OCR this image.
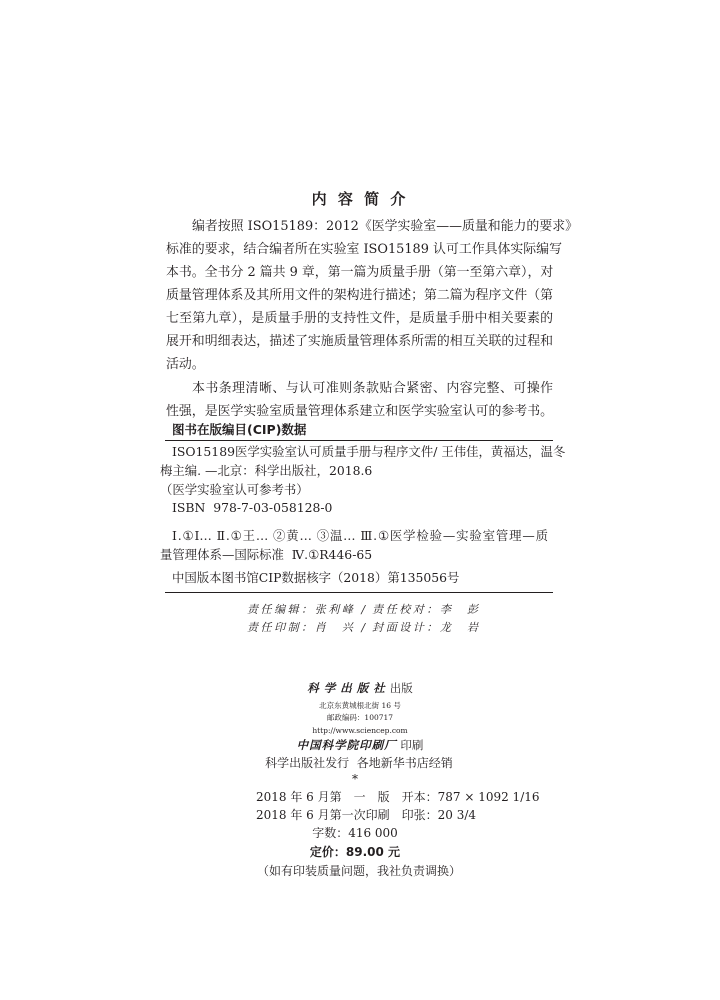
内 容 简 介
编者按照 ISO15189：2012《医学实验室——质量和能力的要求》
标准的要求，结合编者所在实验室 ISO15189 认可工作具体实际编写
本书。全书分 2 篇共 9 章，第一篇为质量手册（第一至第六章），对
质量管理体系及其所用文件的架构进行描述；第二篇为程序文件（第
七至第九章），是质量手册的支持性文件，是质量手册中相关要素的
展开和明细表达，描述了实施质量管理体系所需的相互关联的过程和
活动。
本书条理清晰、与认可准则条款贴合紧密、内容完整、可操作
性强，是医学实验室质量管理体系建立和医学实验室认可的参考书。
图书在版编目(CIP)数据
ISO15189医学实验室认可质量手册与程序文件/ 王伟佳，黄福达，温冬
梅主编. —北京：科学出版社，2018.6
（医学实验室认可参考书）
ISBN  978-7-03-058128-0
Ⅰ.①I… Ⅱ.①王… ②黄… ③温… Ⅲ.①医学检验—实验室管理—质
量管理体系—国际标准  Ⅳ.①R446-65
中国版本图书馆CIP数据核字（2018）第135056号
责任编辑：张利峰 / 责任校对：李　彭
责任印制：肖　兴 / 封面设计：龙　岩
科学出版社出版
北京东黄城根北街 16 号
邮政编码：100717
http://www.sciencep.com
中国科学院印刷厂 印刷
科学出版社发行  各地新华书店经销
*
2018 年 6 月第　一　版　开本：787 × 1092 1/16
2018 年 6 月第一次印刷　印张：20 3/4
字数：416 000
定价：89.00 元
（如有印装质量问题，我社负责调换）
